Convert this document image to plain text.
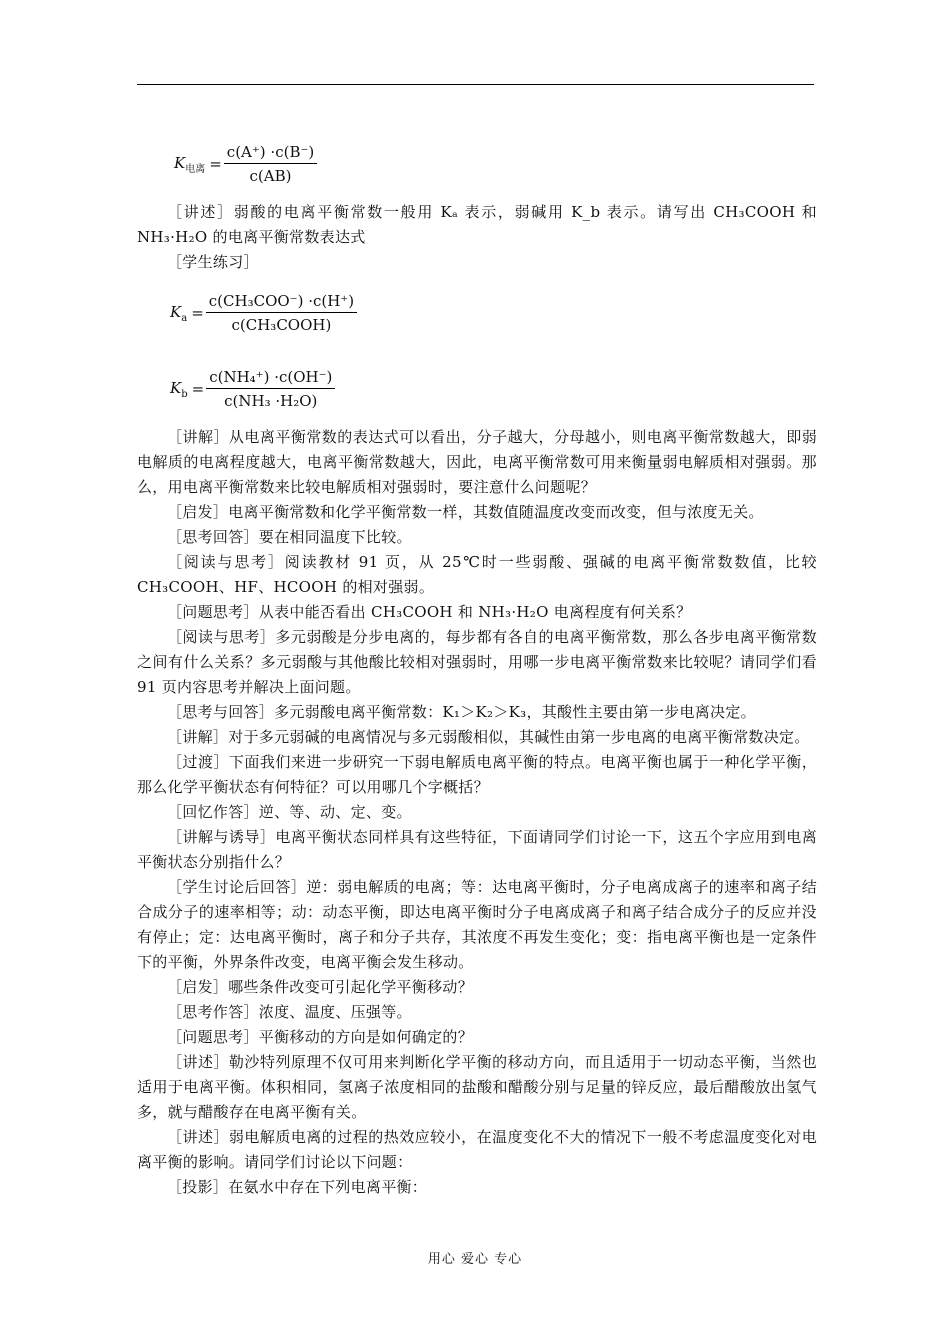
$K_{电离} = \frac{c(A^+) \cdot c(B^-)}{c(AB)}$

［讲述］弱酸的电离平衡常数一般用 Kₐ 表示，弱碱用 K_b 表示。请写出 CH₃COOH 和 NH₃·H₂O 的电离平衡常数表达式

［学生练习］

$K_a = \frac{\text{c(CH₃COO⁻) ·c(H⁺)}}{\text{c(CH₃COOH)}}$
$K_b = \frac{\text{c(NH₄⁺) ·c(OH⁻)}}{\text{c(NH₃ ·H₂O)}}$

［讲解］从电离平衡常数的表达式可以看出，分子越大，分母越小，则电离平衡常数越大，即弱电解质的电离程度越大，电离平衡常数越大，因此，电离平衡常数可用来衡量弱电解质相对强弱。那么，用电离平衡常数来比较电解质相对强弱时，要注意什么问题呢？

［启发］电离平衡常数和化学平衡常数一样，其数值随温度改变而改变，但与浓度无关。

［思考回答］要在相同温度下比较。

［阅读与思考］阅读教材 91 页，从 25℃时一些弱酸、强碱的电离平衡常数数值，比较 CH₃COOH、HF、HCOOH 的相对强弱。

［问题思考］从表中能否看出 CH₃COOH 和 NH₃·H₂O 电离程度有何关系？

［阅读与思考］多元弱酸是分步电离的，每步都有各自的电离平衡常数，那么各步电离平衡常数之间有什么关系？多元弱酸与其他酸比较相对强弱时，用哪一步电离平衡常数来比较呢？请同学们看 91 页内容思考并解决上面问题。

［思考与回答］多元弱酸电离平衡常数：K₁＞K₂＞K₃，其酸性主要由第一步电离决定。

［讲解］对于多元弱碱的电离情况与多元弱酸相似，其碱性由第一步电离的电离平衡常数决定。

［过渡］下面我们来进一步研究一下弱电解质电离平衡的特点。电离平衡也属于一种化学平衡，那么化学平衡状态有何特征？可以用哪几个字概括？

［回忆作答］逆、等、动、定、变。

［讲解与诱导］电离平衡状态同样具有这些特征，下面请同学们讨论一下，这五个字应用到电离平衡状态分别指什么？

［学生讨论后回答］逆：弱电解质的电离；等：达电离平衡时，分子电离成离子的速率和离子结合成分子的速率相等；动：动态平衡，即达电离平衡时分子电离成离子和离子结合成分子的反应并没有停止；定：达电离平衡时，离子和分子共存，其浓度不再发生变化；变：指电离平衡也是一定条件下的平衡，外界条件改变，电离平衡会发生移动。

［启发］哪些条件改变可引起化学平衡移动？

［思考作答］浓度、温度、压强等。

［问题思考］平衡移动的方向是如何确定的？

［讲述］勒沙特列原理不仅可用来判断化学平衡的移动方向，而且适用于一切动态平衡，当然也适用于电离平衡。体积相同，氢离子浓度相同的盐酸和醋酸分别与足量的锌反应，最后醋酸放出氢气多，就与醋酸存在电离平衡有关。

［讲述］弱电解质电离的过程的热效应较小，在温度变化不大的情况下一般不考虑温度变化对电离平衡的影响。请同学们讨论以下问题：

［投影］在氨水中存在下列电离平衡：

用心 爱心 专心
